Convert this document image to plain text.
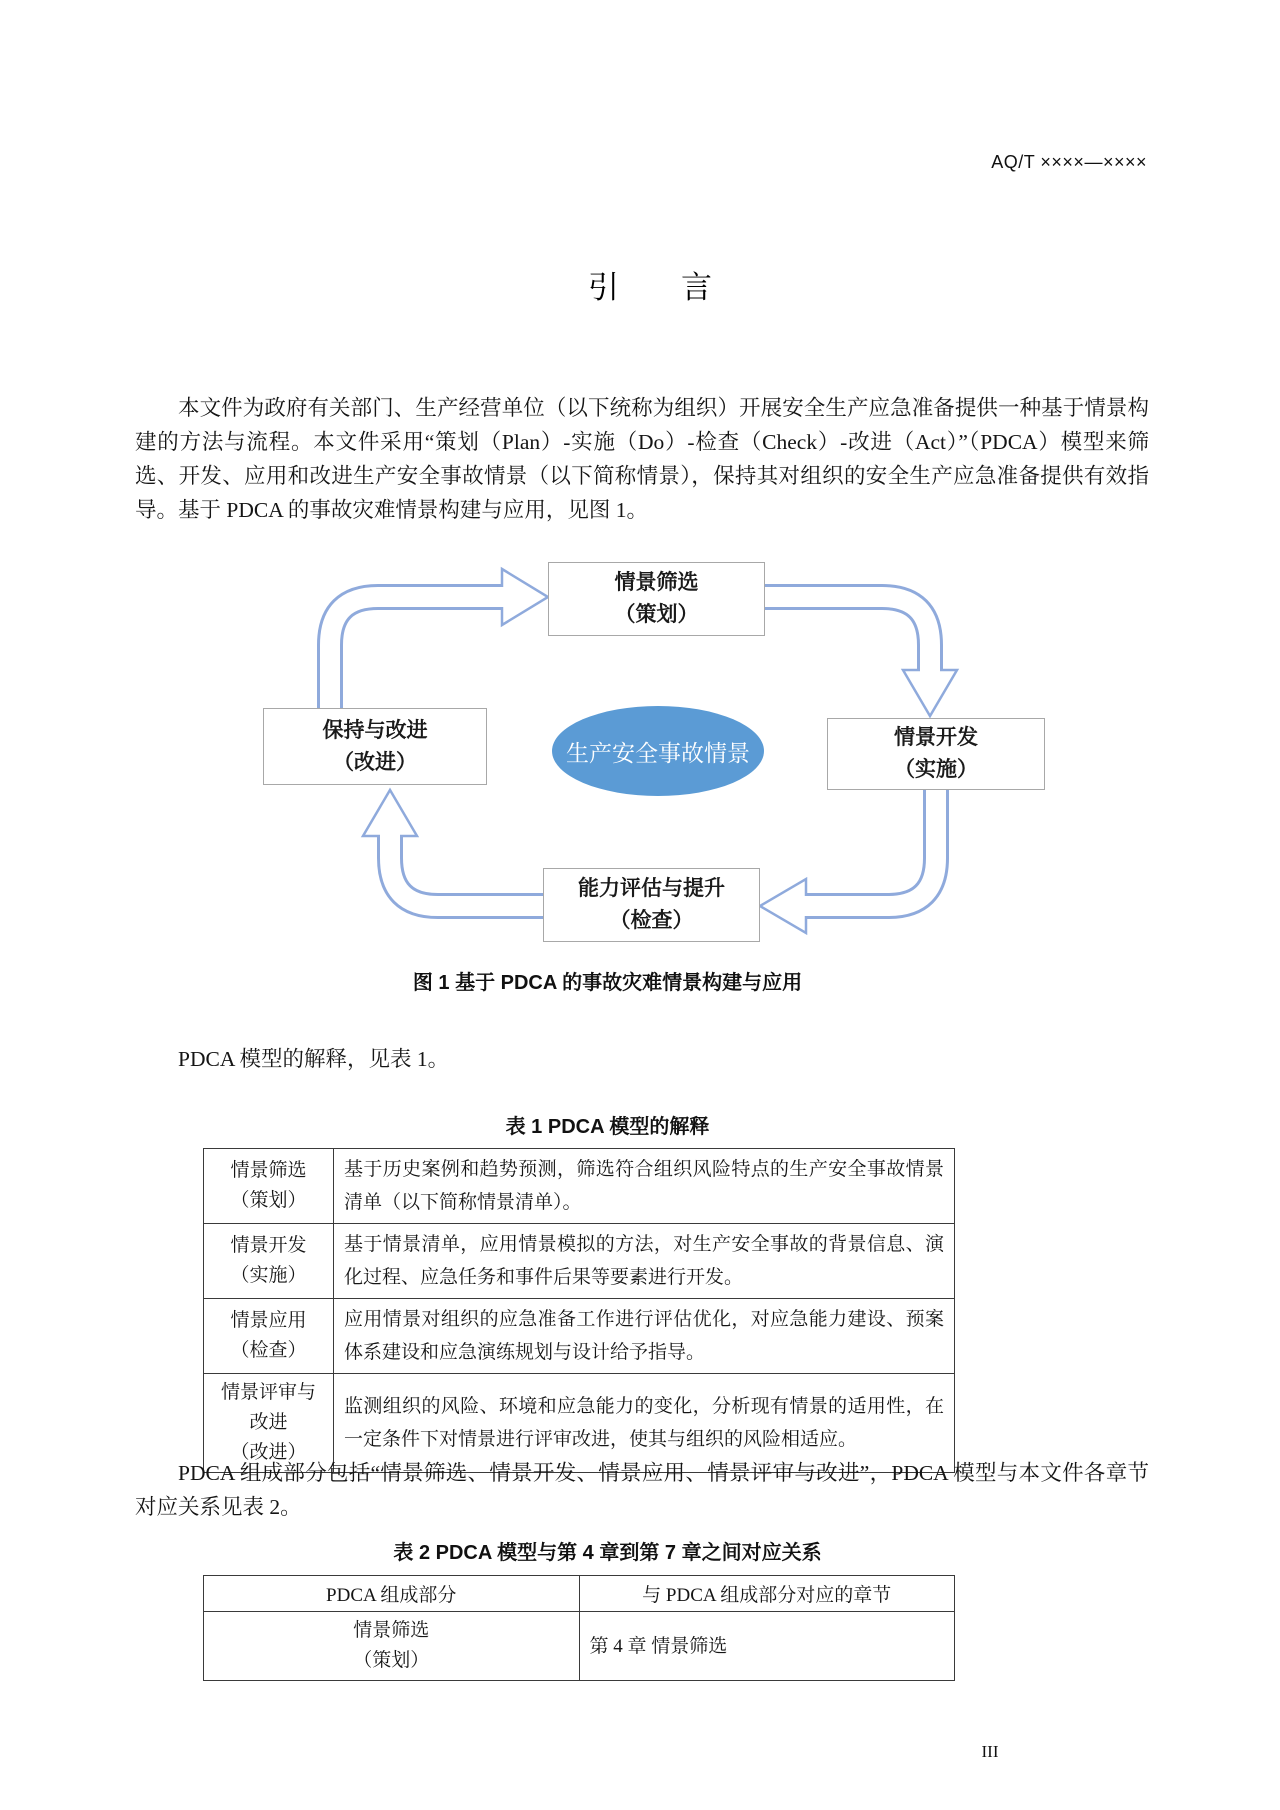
AQ/T ××××—××××
引　　言

本文件为政府有关部门、生产经营单位（以下统称为组织）开展安全生产应急准备提供一种基于情景构建的方法与流程。本文件采用“策划（Plan）-实施（Do）-检查（Check）-改进（Act）”（PDCA）模型来筛选、开发、应用和改进生产安全事故情景（以下简称情景），保持其对组织的安全生产应急准备提供有效指导。基于 PDCA 的事故灾难情景构建与应用，见图 1。

情景筛选
（策划）
情景开发
（实施）
能力评估与提升
（检查）
保持与改进
（改进）	生产安全事故情景
图 1 基于 PDCA 的事故灾难情景构建与应用

PDCA 模型的解释，见表 1。

表 1 PDCA 模型的解释
情景筛选
（策划）	基于历史案例和趋势预测，筛选符合组织风险特点的生产安全事故情景清单（以下简称情景清单）。

情景开发
（实施）	基于情景清单，应用情景模拟的方法，对生产安全事故的背景信息、演化过程、应急任务和事件后果等要素进行开发。

情景应用
（检查）	应用情景对组织的应急准备工作进行评估优化，对应急能力建设、预案体系建设和应急演练规划与设计给予指导。

情景评审与改进
（改进）	监测组织的风险、环境和应急能力的变化，分析现有情景的适用性，在一定条件下对情景进行评审改进，使其与组织的风险相适应。

PDCA 组成部分包括“情景筛选、情景开发、情景应用、情景评审与改进”，PDCA 模型与本文件各章节对应关系见表 2。

表 2 PDCA 模型与第 4 章到第 7 章之间对应关系
PDCA 组成部分	与 PDCA 组成部分对应的章节

情景筛选
（策划）	第 4 章 情景筛选
III
